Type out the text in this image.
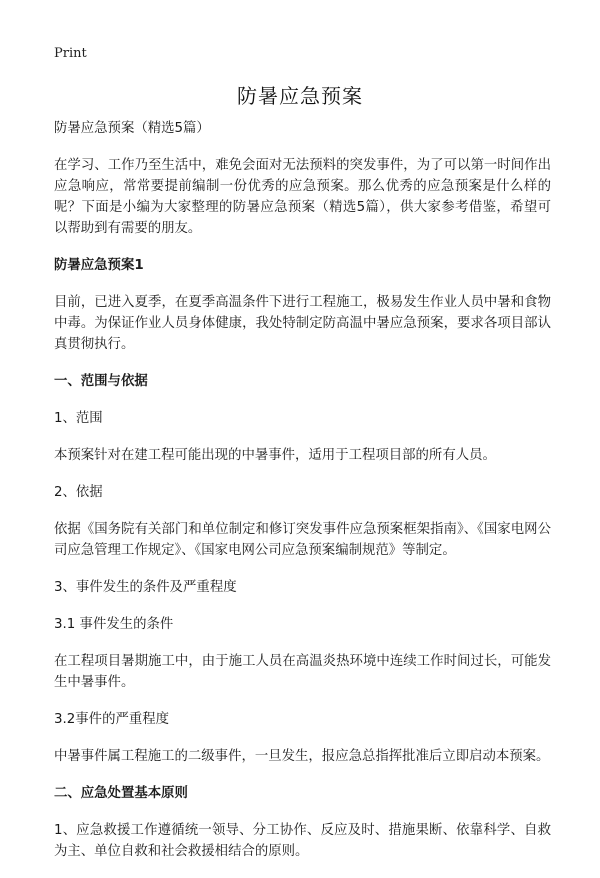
Print
防暑应急预案

防暑应急预案（精选5篇）

在学习、工作乃至生活中，难免会面对无法预料的突发事件，为了可以第一时间作出应急响应，常常要提前编制一份优秀的应急预案。那么优秀的应急预案是什么样的呢？下面是小编为大家整理的防暑应急预案（精选5篇），供大家参考借鉴，希望可以帮助到有需要的朋友。

防暑应急预案1

目前，已进入夏季，在夏季高温条件下进行工程施工，极易发生作业人员中暑和食物中毒。为保证作业人员身体健康，我处特制定防高温中暑应急预案，要求各项目部认真贯彻执行。

一、范围与依据

1、范围

本预案针对在建工程可能出现的中暑事件，适用于工程项目部的所有人员。

2、依据

依据《国务院有关部门和单位制定和修订突发事件应急预案框架指南》、《国家电网公司应急管理工作规定》、《国家电网公司应急预案编制规范》等制定。

3、事件发生的条件及严重程度

3.1 事件发生的条件

在工程项目暑期施工中，由于施工人员在高温炎热环境中连续工作时间过长，可能发生中暑事件。

3.2事件的严重程度

中暑事件属工程施工的二级事件，一旦发生，报应急总指挥批准后立即启动本预案。

二、应急处置基本原则

1、应急救援工作遵循统一领导、分工协作、反应及时、措施果断、依靠科学、自救为主、单位自救和社会救援相结合的原则。
